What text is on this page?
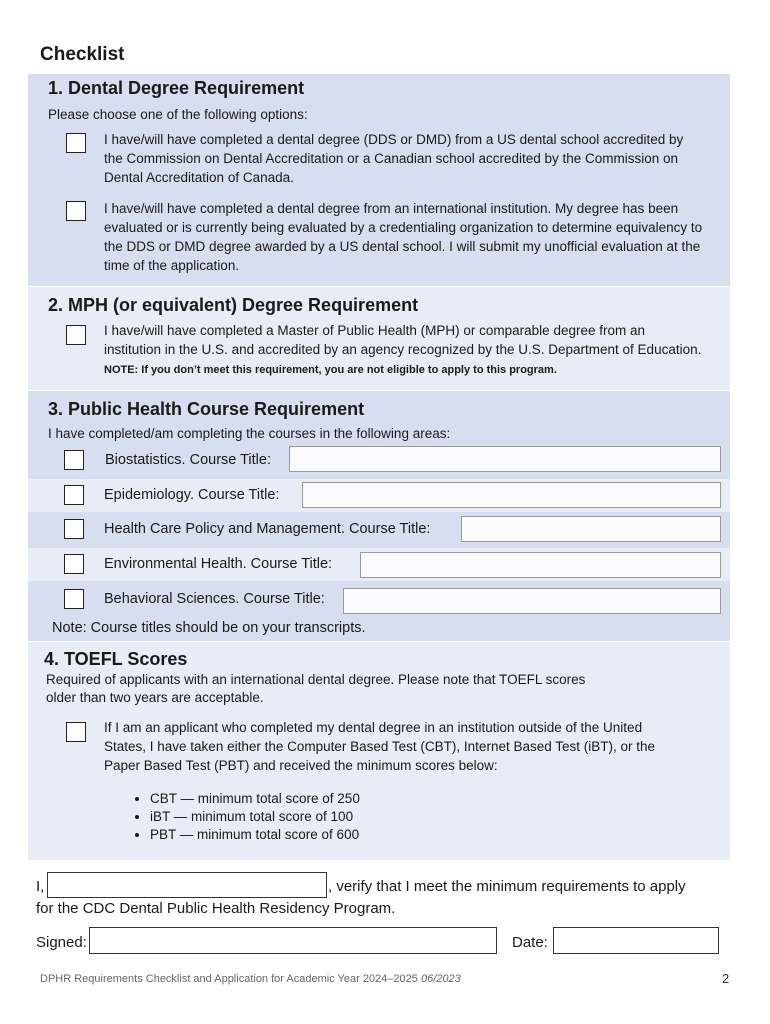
Checklist
1. Dental Degree Requirement
Please choose one of the following options:
I have/will have completed a dental degree (DDS or DMD) from a US dental school accredited by the Commission on Dental Accreditation or a Canadian school accredited by the Commission on Dental Accreditation of Canada.
I have/will have completed a dental degree from an international institution. My degree has been evaluated or is currently being evaluated by a credentialing organization to determine equivalency to the DDS or DMD degree awarded by a US dental school. I will submit my unofficial evaluation at the time of the application.
2. MPH (or equivalent) Degree Requirement
I have/will have completed a Master of Public Health (MPH) or comparable degree from an institution in the U.S. and accredited by an agency recognized by the U.S. Department of Education. NOTE: If you don’t meet this requirement, you are not eligible to apply to this program.
3. Public Health Course Requirement
I have completed/am completing the courses in the following areas:
Biostatistics. Course Title:
Epidemiology. Course Title:
Health Care Policy and Management. Course Title:
Environmental Health. Course Title:
Behavioral Sciences. Course Title:
Note: Course titles should be on your transcripts.
4. TOEFL Scores
Required of applicants with an international dental degree. Please note that TOEFL scores
older than two years are acceptable.
If I am an applicant who completed my dental degree in an institution outside of the United States, I have taken either the Computer Based Test (CBT), Internet Based Test (iBT), or the Paper Based Test (PBT) and received the minimum scores below:
• CBT — minimum total score of 250
• iBT — minimum total score of 100
• PBT — minimum total score of 600
I,	, verify that I meet the minimum requirements to apply
for the CDC Dental Public Health Residency Program.
Signed:	Date:
DPHR Requirements Checklist and Application for Academic Year 2024–2025 06/2023	2
